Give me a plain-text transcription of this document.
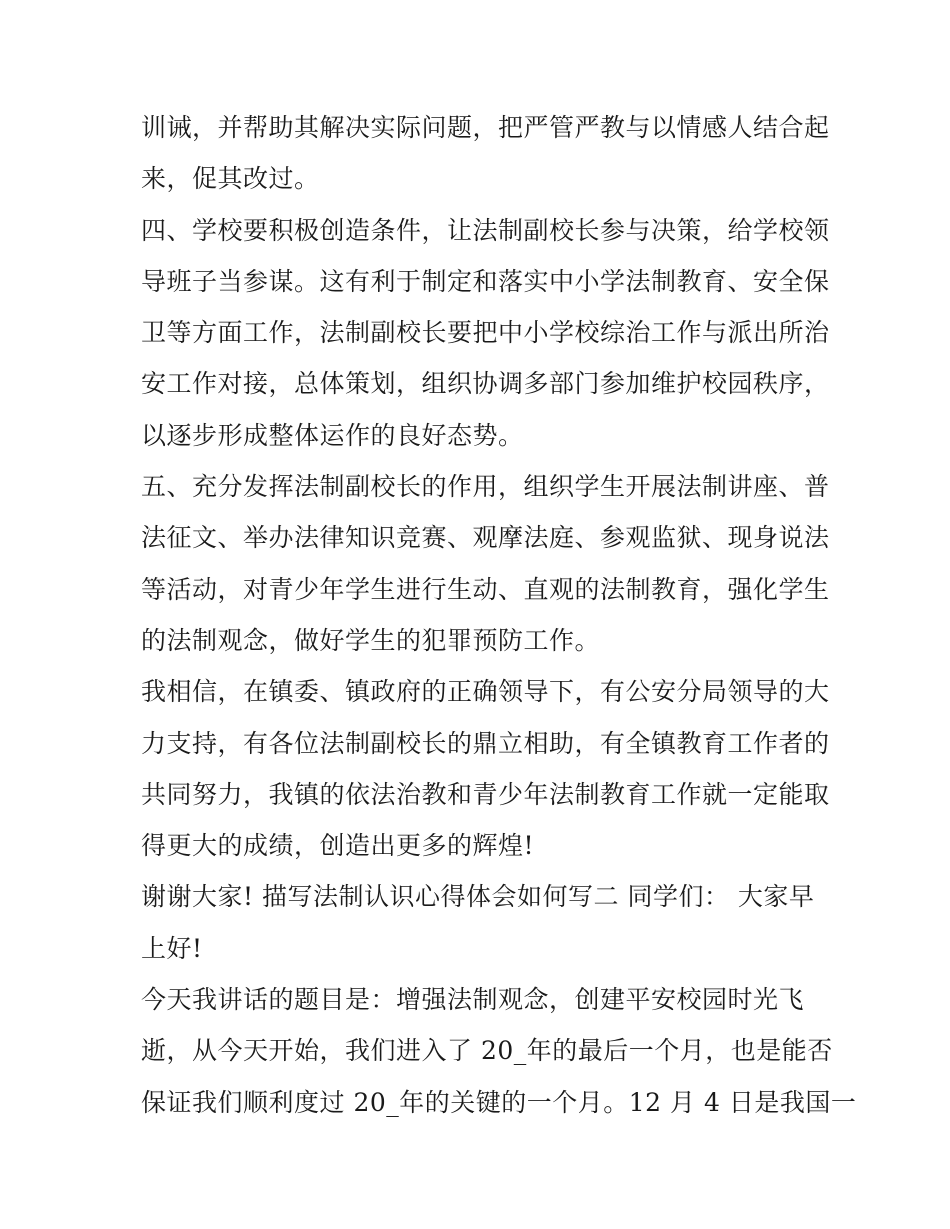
训诫，并帮助其解决实际问题，把严管严教与以情感人结合起
来，促其改过。
四、学校要积极创造条件，让法制副校长参与决策，给学校领
导班子当参谋。这有利于制定和落实中小学法制教育、安全保
卫等方面工作，法制副校长要把中小学校综治工作与派出所治
安工作对接，总体策划，组织协调多部门参加维护校园秩序，
以逐步形成整体运作的良好态势。
五、充分发挥法制副校长的作用，组织学生开展法制讲座、普
法征文、举办法律知识竞赛、观摩法庭、参观监狱、现身说法
等活动，对青少年学生进行生动、直观的法制教育，强化学生
的法制观念，做好学生的犯罪预防工作。
我相信，在镇委、镇政府的正确领导下，有公安分局领导的大
力支持，有各位法制副校长的鼎立相助，有全镇教育工作者的
共同努力，我镇的依法治教和青少年法制教育工作就一定能取
得更大的成绩，创造出更多的辉煌!
谢谢大家! 描写法制认识心得体会如何写二 同学们： 大家早
上好!
今天我讲话的题目是：增强法制观念，创建平安校园时光飞
逝，从今天开始，我们进入了 20_年的最后一个月，也是能否
保证我们顺利度过 20_年的关键的一个月。12 月 4 日是我国一
